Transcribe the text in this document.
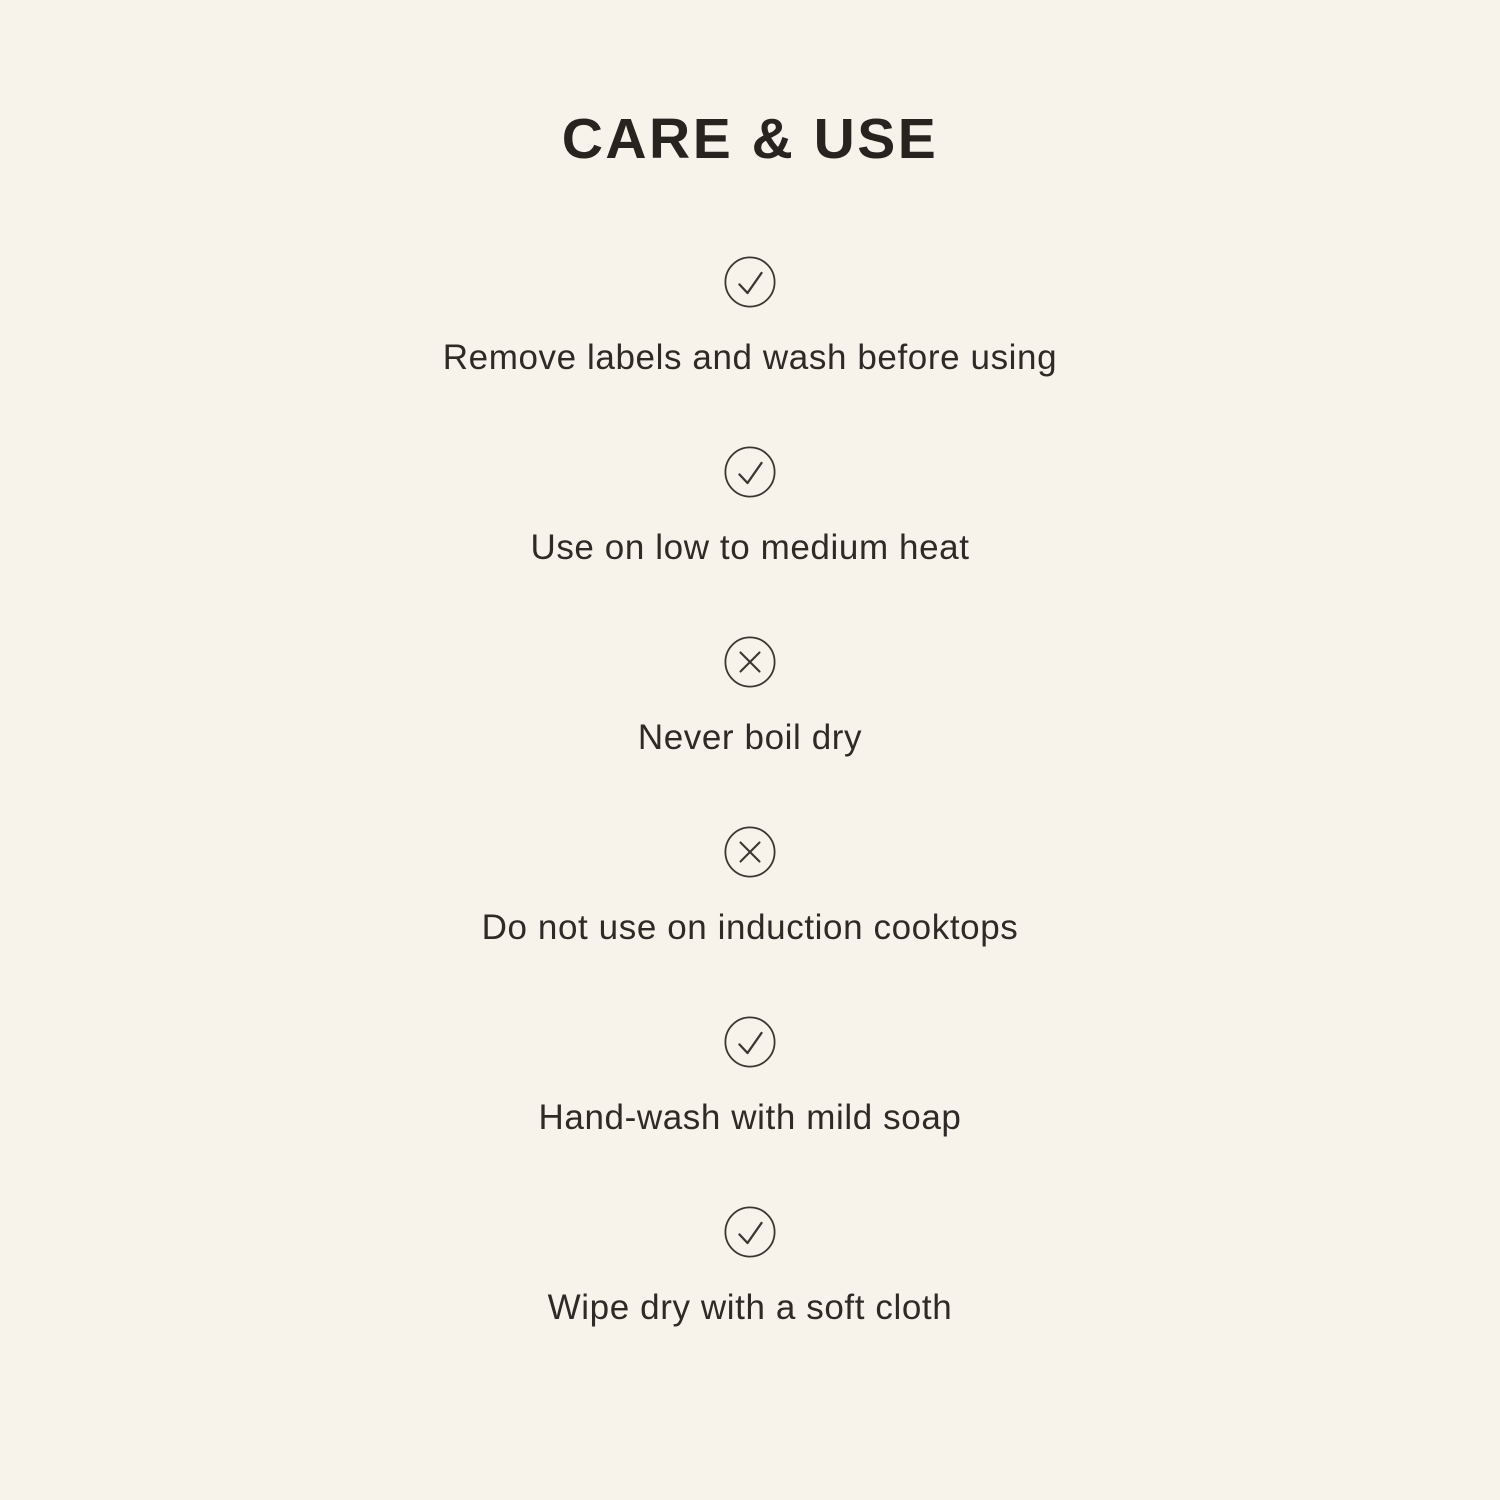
CARE & USE
Remove labels and wash before using
Use on low to medium heat
Never boil dry
Do not use on induction cooktops
Hand-wash with mild soap
Wipe dry with a soft cloth
